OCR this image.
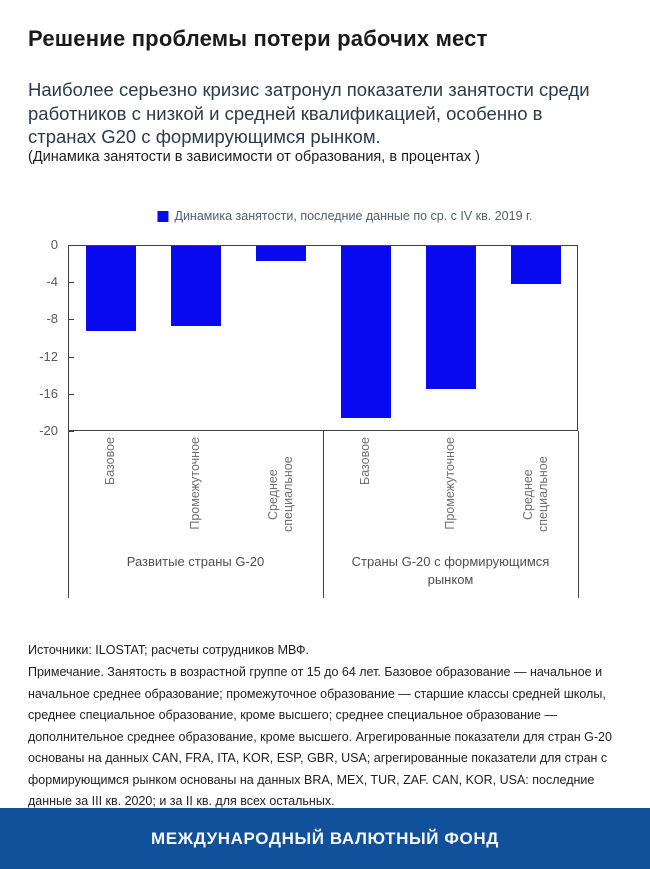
Решение проблемы потери рабочих мест

Наиболее серьезно кризис затронул показатели занятости среди работников с низкой и средней квалификацией, особенно в странах G20 с формирующимся рынком.

(Динамика занятости в зависимости от образования, в процентах )

Динамика занятости, последние данные по ср. с IV кв. 2019 г.
0
-4
-8
-12
-16
-20
Базовое	Промежуточное	Среднее специальное
Развитые страны G-20
Базовое	Промежуточное	Среднее специальное
Страны G-20 с формирующимся рынком

Источники: ILOSTAT; расчеты сотрудников МВФ.

Примечание. Занятость в возрастной группе от 15 до 64 лет. Базовое образование — начальное и начальное среднее образование; промежуточное образование — старшие классы средней школы, среднее специальное образование, кроме высшего; среднее специальное образование — дополнительное среднее образование, кроме высшего. Агрегированные показатели для стран G-20 основаны на данных CAN, FRA, ITA, KOR, ESP, GBR, USA; агрегированные показатели для стран с формирующимся рынком основаны на данных BRA, MEX, TUR, ZAF. CAN, KOR, USA: последние данные за III кв. 2020; и за II кв. для всех остальных.

МЕЖДУНАРОДНЫЙ ВАЛЮТНЫЙ ФОНД
